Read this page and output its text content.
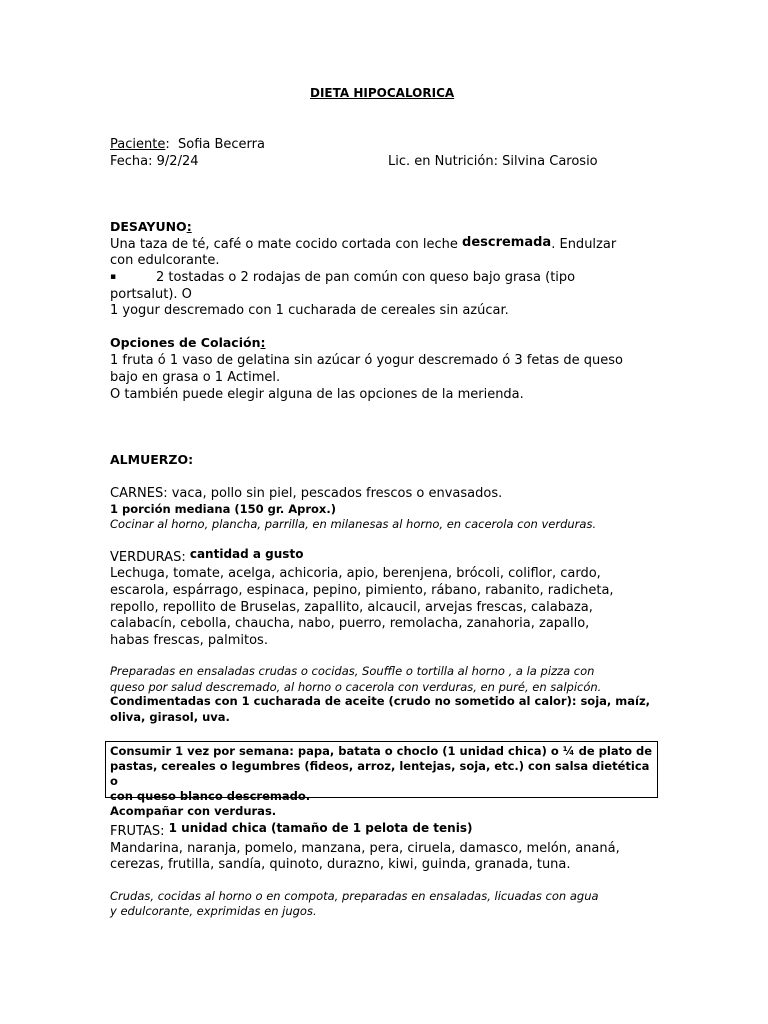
DIETA HIPOCALORICA
Paciente: Sofia Becerra
Fecha: 9/2/24	Lic. en Nutrición: Silvina Carosio
DESAYUNO:
Una taza de té, café o mate cocido cortada con leche descremada. Endulzar
con edulcorante.
▪	2 tostadas o 2 rodajas de pan común con queso bajo grasa (tipo
portsalut). O
1 yogur descremado con 1 cucharada de cereales sin azúcar.
Opciones de Colación:
1 fruta ó 1 vaso de gelatina sin azúcar ó yogur descremado ó 3 fetas de queso
bajo en grasa o 1 Actimel.
O también puede elegir alguna de las opciones de la merienda.
ALMUERZO:
CARNES: vaca, pollo sin piel, pescados frescos o envasados.
1 porción mediana (150 gr. Aprox.)
Cocinar al horno, plancha, parrilla, en milanesas al horno, en cacerola con verduras.
VERDURAS: cantidad a gusto
Lechuga, tomate, acelga, achicoria, apio, berenjena, brócoli, coliflor, cardo,
escarola, espárrago, espinaca, pepino, pimiento, rábano, rabanito, radicheta,
repollo, repollito de Bruselas, zapallito, alcaucil, arvejas frescas, calabaza,
calabacín, cebolla, chaucha, nabo, puerro, remolacha, zanahoria, zapallo,
habas frescas, palmitos.
Preparadas en ensaladas crudas o cocidas, Souffle o tortilla al horno , a la pizza con
queso por salud descremado, al horno o cacerola con verduras, en puré, en salpicón.
Condimentadas con 1 cucharada de aceite (crudo no sometido al calor): soja, maíz,
oliva, girasol, uva.

Consumir 1 vez por semana: papa, batata o choclo (1 unidad chica) o ¼ de plato de

pastas, cereales o legumbres (fideos, arroz, lentejas, soja, etc.) con salsa dietética o

con queso blanco descremado.

Acompañar con verduras.

FRUTAS: 1 unidad chica (tamaño de 1 pelota de tenis)
Mandarina, naranja, pomelo, manzana, pera, ciruela, damasco, melón, ananá,
cerezas, frutilla, sandía, quinoto, durazno, kiwi, guinda, granada, tuna.
Crudas, cocidas al horno o en compota, preparadas en ensaladas, licuadas con agua
y edulcorante, exprimidas en jugos.
